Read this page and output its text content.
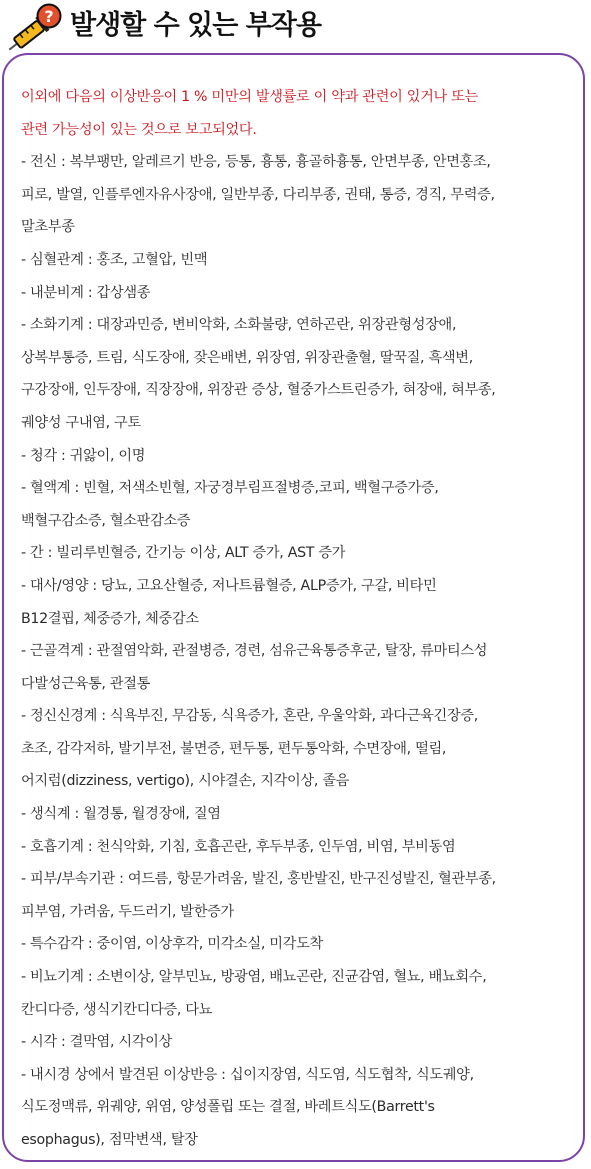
? 발생할 수 있는 부작용
이외에 다음의 이상반응이 1 % 미만의 발생률로 이 약과 관련이 있거나 또는
관련 가능성이 있는 것으로 보고되었다.
- 전신 : 복부팽만, 알레르기 반응, 등통, 흉통, 흉골하흉통, 안면부종, 안면홍조,
피로, 발열, 인플루엔자유사장애, 일반부종, 다리부종, 권태, 통증, 경직, 무력증,
말초부종
- 심혈관계 : 홍조, 고혈압, 빈맥
- 내분비계 : 갑상샘종
- 소화기계 : 대장과민증, 변비악화, 소화불량, 연하곤란, 위장관형성장애,
상복부통증, 트림, 식도장애, 잦은배변, 위장염, 위장관출혈, 딸꾹질, 흑색변,
구강장애, 인두장애, 직장장애, 위장관 증상, 혈중가스트린증가, 혀장애, 혀부종,
궤양성 구내염, 구토
- 청각 : 귀앓이, 이명
- 혈액계 : 빈혈, 저색소빈혈, 자궁경부림프절병증,코피, 백혈구증가증,
백혈구감소증, 혈소판감소증
- 간 : 빌리루빈혈증, 간기능 이상, ALT 증가, AST 증가
- 대사/영양 : 당뇨, 고요산혈증, 저나트륨혈증, ALP증가, 구갈, 비타민
B12결핍, 체중증가, 체중감소
- 근골격계 : 관절염악화, 관절병증, 경련, 섬유근육통증후군, 탈장, 류마티스성
다발성근육통, 관절통
- 정신신경계 : 식욕부진, 무감동, 식욕증가, 혼란, 우울악화, 과다근육긴장증,
초조, 감각저하, 발기부전, 불면증, 편두통, 편두통악화, 수면장애, 떨림,
어지럼(dizziness, vertigo), 시야결손, 지각이상, 졸음
- 생식계 : 월경통, 월경장애, 질염
- 호흡기계 : 천식악화, 기침, 호흡곤란, 후두부종, 인두염, 비염, 부비동염
- 피부/부속기관 : 여드름, 항문가려움, 발진, 홍반발진, 반구진성발진, 혈관부종,
피부염, 가려움, 두드러기, 발한증가
- 특수감각 : 중이염, 이상후각, 미각소실, 미각도착
- 비뇨기계 : 소변이상, 알부민뇨, 방광염, 배뇨곤란, 진균감염, 혈뇨, 배뇨회수,
칸디다증, 생식기칸디다증, 다뇨
- 시각 : 결막염, 시각이상
- 내시경 상에서 발견된 이상반응 : 십이지장염, 식도염, 식도협착, 식도궤양,
식도정맥류, 위궤양, 위염, 양성폴립 또는 결절, 바레트식도(Barrett's
esophagus), 점막변색, 탈장
